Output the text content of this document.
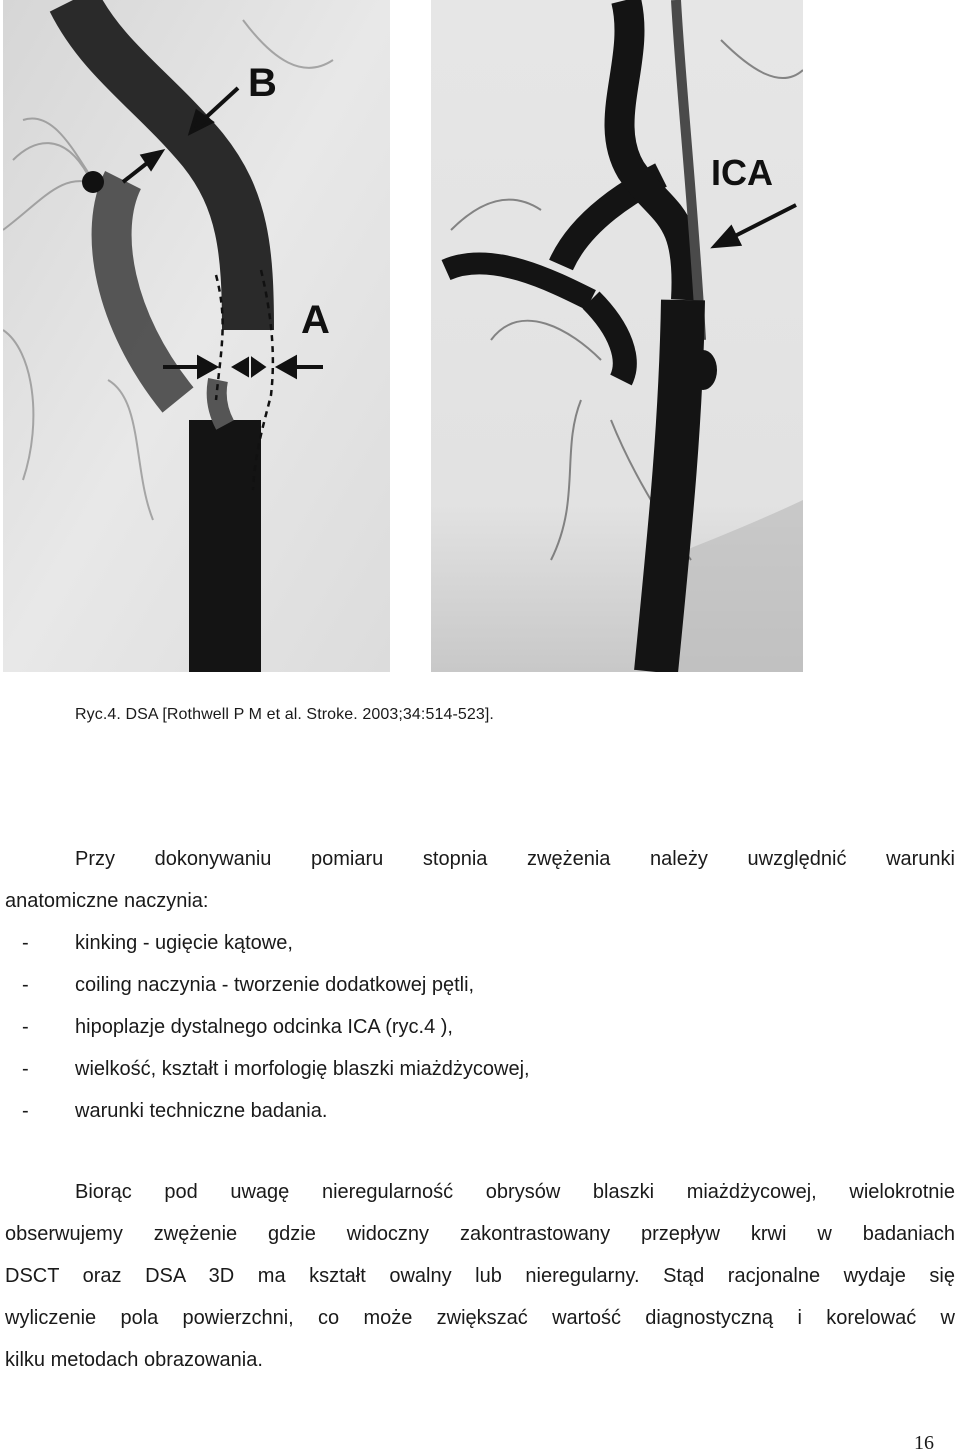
B
A
ICA
Ryc.4. DSA [Rothwell P M et al. Stroke. 2003;34:514-523].
Przy dokonywaniu pomiaru stopnia zwężenia należy uwzględnić warunki
anatomiczne naczynia:
-	kinking - ugięcie kątowe,
-	coiling naczynia - tworzenie dodatkowej pętli,
-	hipoplazje dystalnego odcinka ICA (ryc.4 ),
-	wielkość, kształt i morfologię blaszki miażdżycowej,
-	warunki techniczne badania.
Biorąc pod uwagę nieregularność obrysów blaszki miażdżycowej, wielokrotnie
obserwujemy zwężenie gdzie widoczny zakontrastowany przepływ krwi w badaniach
DSCT oraz DSA 3D ma kształt owalny lub nieregularny. Stąd racjonalne wydaje się
wyliczenie pola powierzchni, co może zwiększać wartość diagnostyczną i korelować w
kilku metodach obrazowania.
16
